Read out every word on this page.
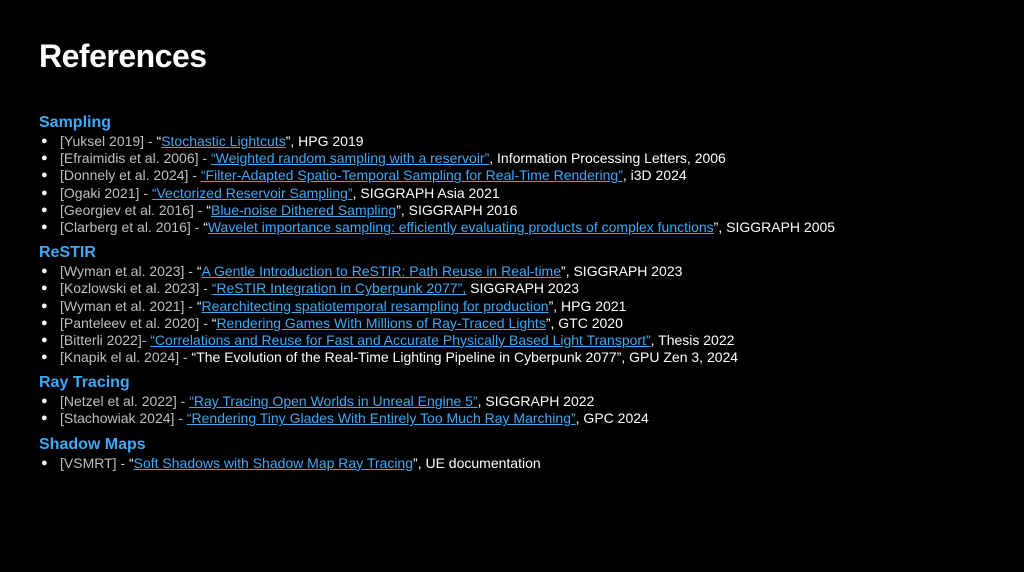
References
Sampling
● [Yuksel 2019] - “Stochastic Lightcuts”, HPG 2019
● [Efraimidis et al. 2006] - “Weighted random sampling with a reservoir”, Information Processing Letters, 2006
● [Donnely et al. 2024] - “Filter-Adapted Spatio-Temporal Sampling for Real-Time Rendering”, i3D 2024
● [Ogaki 2021] - “Vectorized Reservoir Sampling”, SIGGRAPH Asia 2021
● [Georgiev et al. 2016] - “Blue-noise Dithered Sampling”, SIGGRAPH 2016
● [Clarberg et al. 2016] - “Wavelet importance sampling: efficiently evaluating products of complex functions”, SIGGRAPH 2005
ReSTIR
● [Wyman et al. 2023] - “A Gentle Introduction to ReSTIR: Path Reuse in Real-time”, SIGGRAPH 2023
● [Kozlowski et al. 2023] - “ReSTIR Integration in Cyberpunk 2077”, SIGGRAPH 2023
● [Wyman et al. 2021] - “Rearchitecting spatiotemporal resampling for production”, HPG 2021
● [Panteleev et al. 2020] - “Rendering Games With Millions of Ray-Traced Lights”, GTC 2020
● [Bitterli 2022]- “Correlations and Reuse for Fast and Accurate Physically Based Light Transport”, Thesis 2022
● [Knapik el al. 2024] - “The Evolution of the Real-Time Lighting Pipeline in Cyberpunk 2077”, GPU Zen 3, 2024
Ray Tracing
● [Netzel et al. 2022] - “Ray Tracing Open Worlds in Unreal Engine 5”, SIGGRAPH 2022
● [Stachowiak 2024] - “Rendering Tiny Glades With Entirely Too Much Ray Marching”, GPC 2024
Shadow Maps
● [VSMRT] - “Soft Shadows with Shadow Map Ray Tracing”, UE documentation
